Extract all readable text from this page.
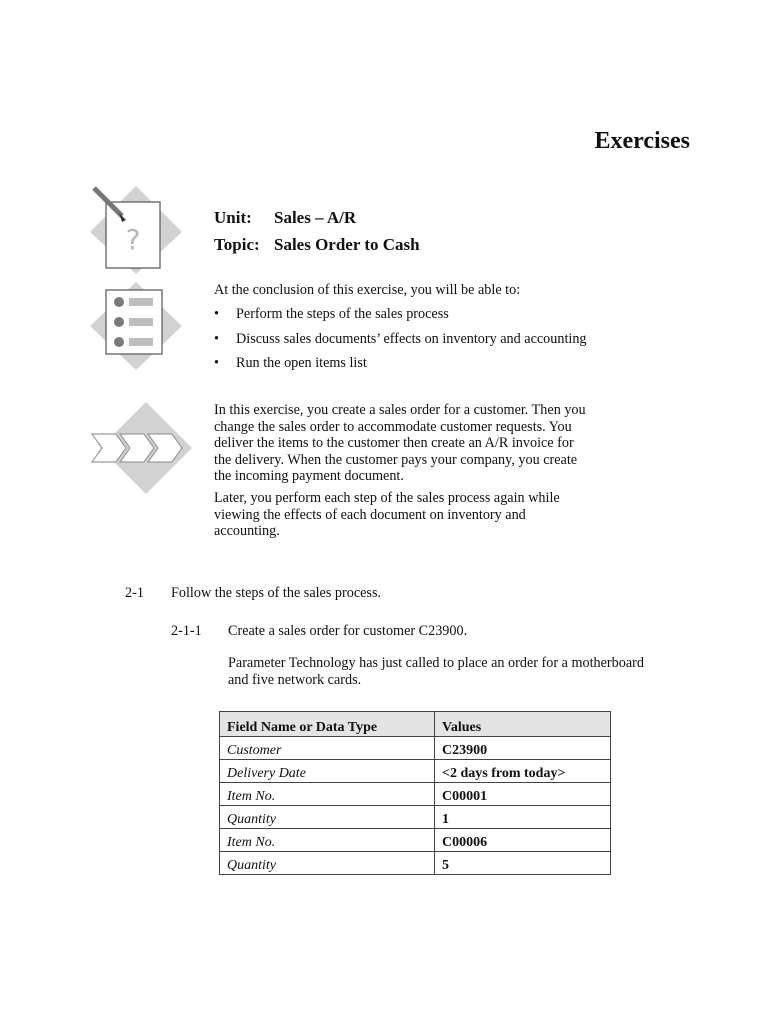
Exercises
?
Unit: Sales – A/R
Topic: Sales Order to Cash
At the conclusion of this exercise, you will be able to:
• Perform the steps of the sales process
• Discuss sales documents’ effects on inventory and accounting
• Run the open items list
In this exercise, you create a sales order for a customer. Then you
change the sales order to accommodate customer requests. You
deliver the items to the customer then create an A/R invoice for
the delivery. When the customer pays your company, you create
the incoming payment document.
Later, you perform each step of the sales process again while
viewing the effects of each document on inventory and
accounting.
2-1 Follow the steps of the sales process.
2-1-1 Create a sales order for customer C23900.
Parameter Technology has just called to place an order for a motherboard
and five network cards.
Field Name or Data Type	Values
Customer	C23900
Delivery Date	<2 days from today>
Item No.	C00001
Quantity	1
Item No.	C00006
Quantity	5
